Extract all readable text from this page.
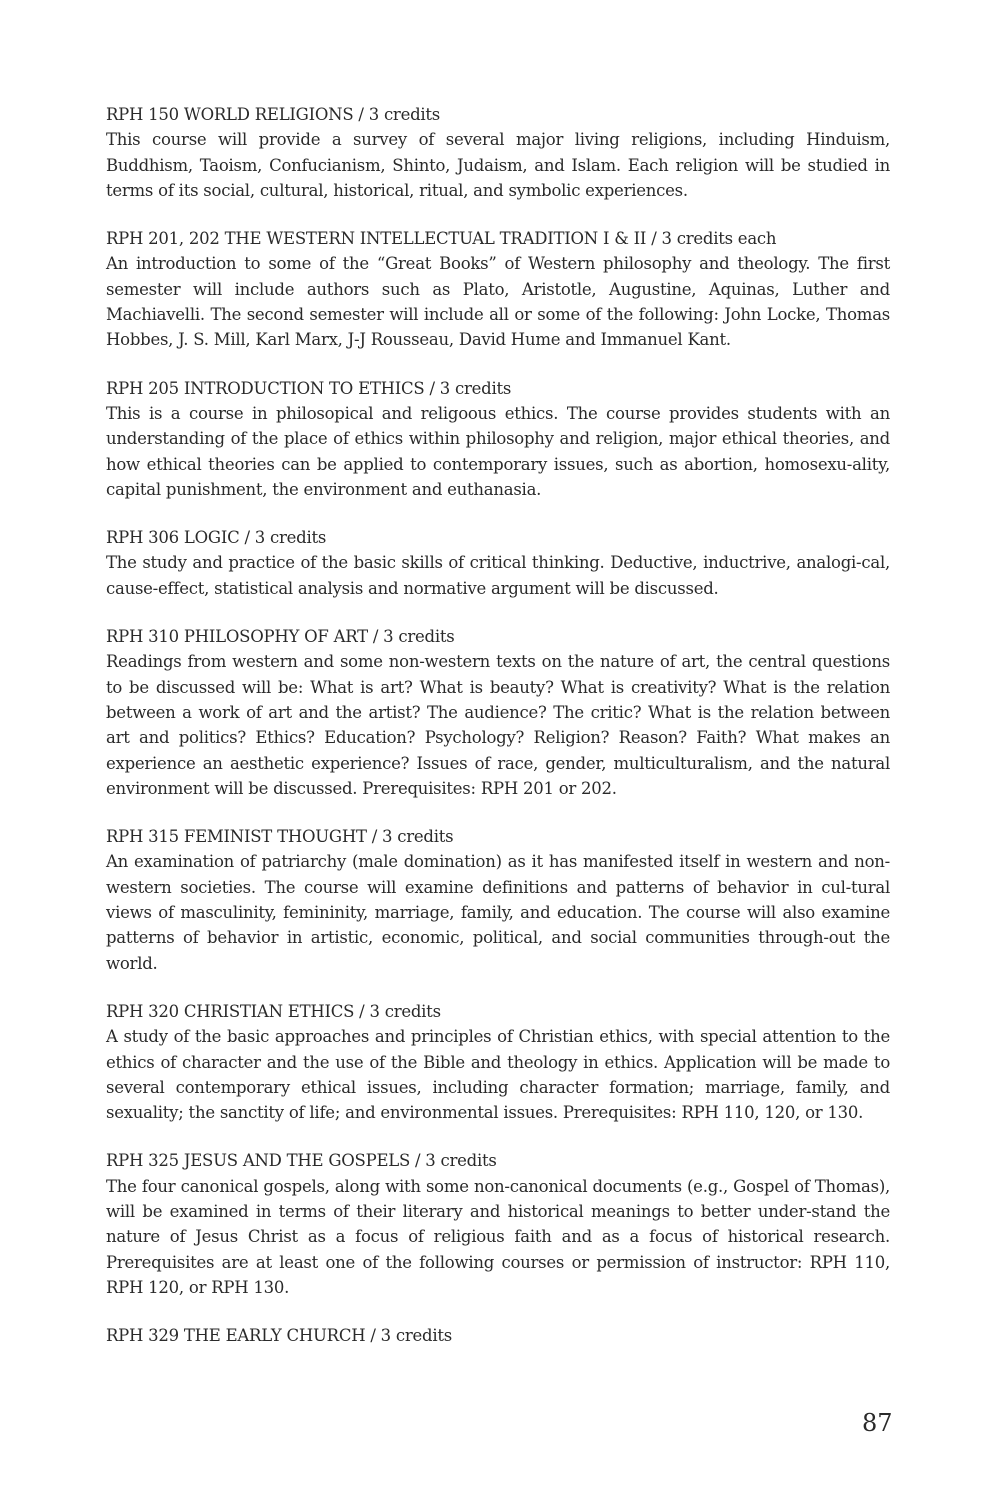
RPH 150 WORLD RELIGIONS / 3 credits

This course will provide a survey of several major living religions, including Hinduism, Buddhism, Taoism, Confucianism, Shinto, Judaism, and Islam. Each religion will be studied in terms of its social, cultural, historical, ritual, and symbolic experiences.

RPH 201, 202 THE WESTERN INTELLECTUAL TRADITION I & II / 3 credits each

An introduction to some of the “Great Books” of Western philosophy and theology. The first semester will include authors such as Plato, Aristotle, Augustine, Aquinas, Luther and Machiavelli. The second semester will include all or some of the following: John Locke, Thomas Hobbes, J. S. Mill, Karl Marx, J-J Rousseau, David Hume and Immanuel Kant.

RPH 205 INTRODUCTION TO ETHICS / 3 credits

This is a course in philosopical and religoous ethics. The course provides students with an understanding of the place of ethics within philosophy and religion, major ethical theories, and how ethical theories can be applied to contemporary issues, such as abortion, homosexu-ality, capital punishment, the environment and euthanasia.

RPH 306 LOGIC / 3 credits

The study and practice of the basic skills of critical thinking. Deductive, inductrive, analogi-cal, cause-effect, statistical analysis and normative argument will be discussed.

RPH 310 PHILOSOPHY OF ART / 3 credits

Readings from western and some non-western texts on the nature of art, the central questions to be discussed will be: What is art? What is beauty? What is creativity? What is the relation between a work of art and the artist? The audience? The critic? What is the relation between art and politics? Ethics? Education? Psychology? Religion? Reason? Faith? What makes an experience an aesthetic experience? Issues of race, gender, multiculturalism, and the natural environment will be discussed. Prerequisites: RPH 201 or 202.

RPH 315 FEMINIST THOUGHT / 3 credits

An examination of patriarchy (male domination) as it has manifested itself in western and non-western societies. The course will examine definitions and patterns of behavior in cul-tural views of masculinity, femininity, marriage, family, and education. The course will also examine patterns of behavior in artistic, economic, political, and social communities through-out the world.

RPH 320 CHRISTIAN ETHICS / 3 credits

A study of the basic approaches and principles of Christian ethics, with special attention to the ethics of character and the use of the Bible and theology in ethics. Application will be made to several contemporary ethical issues, including character formation; marriage, family, and sexuality; the sanctity of life; and environmental issues. Prerequisites: RPH 110, 120, or 130.

RPH 325 JESUS AND THE GOSPELS / 3 credits

The four canonical gospels, along with some non-canonical documents (e.g., Gospel of Thomas), will be examined in terms of their literary and historical meanings to better under-stand the nature of Jesus Christ as a focus of religious faith and as a focus of historical research. Prerequisites are at least one of the following courses or permission of instructor: RPH 110, RPH 120, or RPH 130.

RPH 329 THE EARLY CHURCH / 3 credits

87
